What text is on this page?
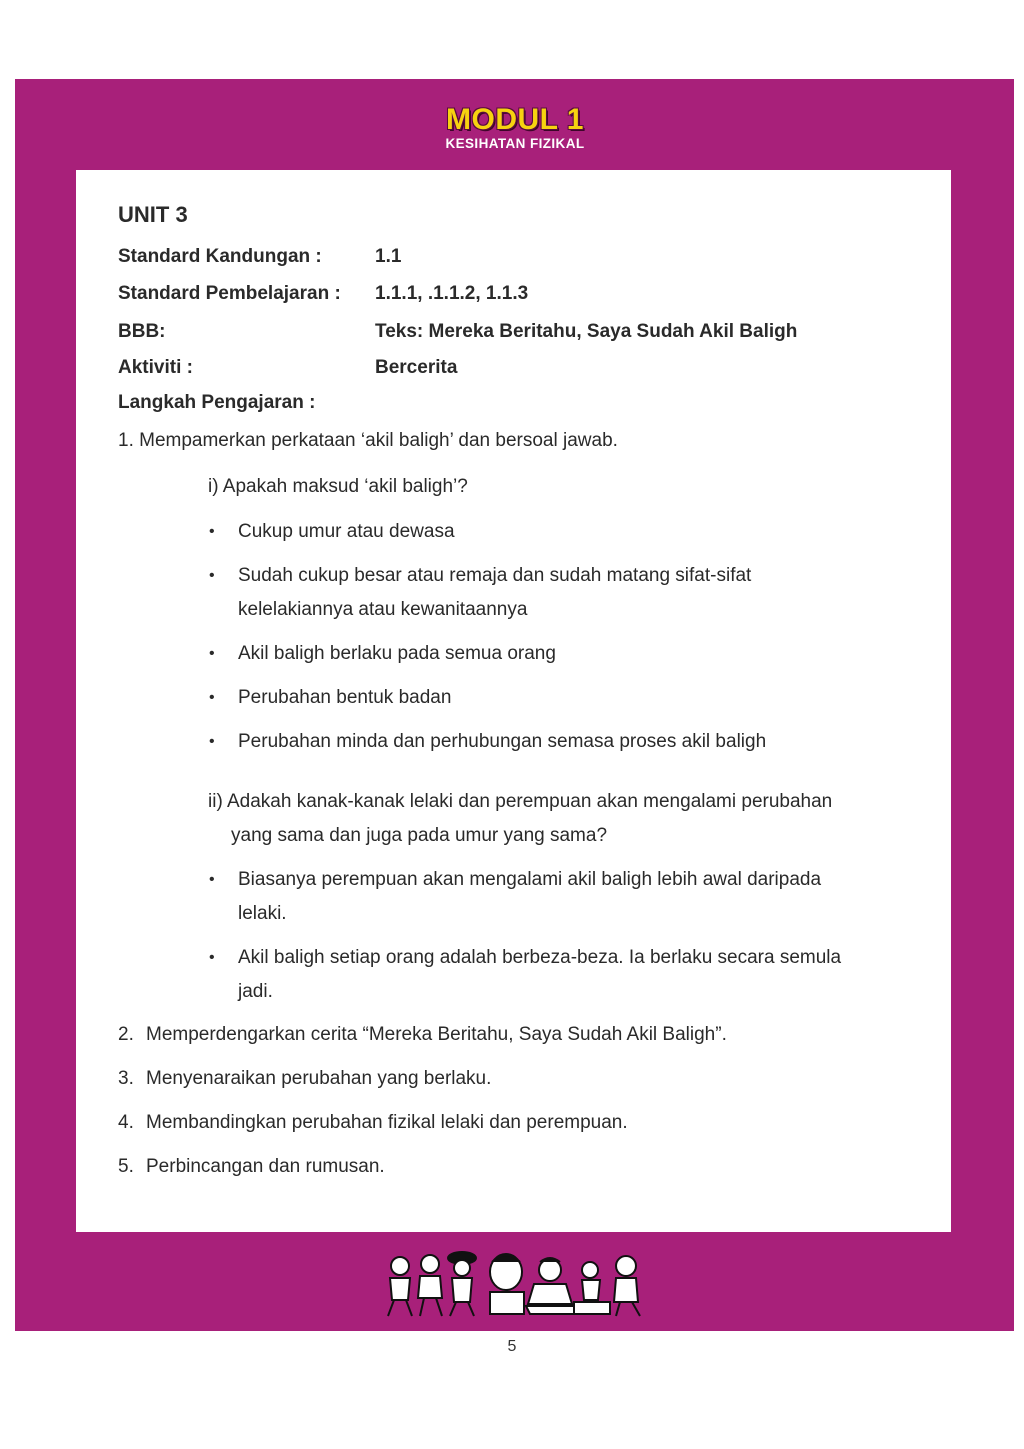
MODUL 1
KESIHATAN FIZIKAL
UNIT 3
Standard Kandungan :	1.1
Standard Pembelajaran :	1.1.1, .1.1.2, 1.1.3
BBB:	Teks: Mereka Beritahu, Saya Sudah Akil Baligh
Aktiviti :	Bercerita
Langkah Pengajaran :

1. Mempamerkan perkataan ‘akil baligh’ dan bersoal jawab.

i) Apakah maksud ‘akil baligh’?

• Cukup umur atau dewasa
• Sudah cukup besar atau remaja dan sudah matang sifat-sifat
kelelakiannya atau kewanitaannya
• Akil baligh berlaku pada semua orang
• Perubahan bentuk badan
• Perubahan minda dan perhubungan semasa proses akil baligh

ii) Adakah kanak-kanak lelaki dan perempuan akan mengalami perubahan
yang sama dan juga pada umur yang sama?

• Biasanya perempuan akan mengalami akil baligh lebih awal daripada
lelaki.
• Akil baligh setiap orang adalah berbeza-beza. Ia berlaku secara semula
jadi.
2. Memperdengarkan cerita “Mereka Beritahu, Saya Sudah Akil Baligh”.
3. Menyenaraikan perubahan yang berlaku.
4. Membandingkan perubahan fizikal lelaki dan perempuan.
5. Perbincangan dan rumusan.
5
